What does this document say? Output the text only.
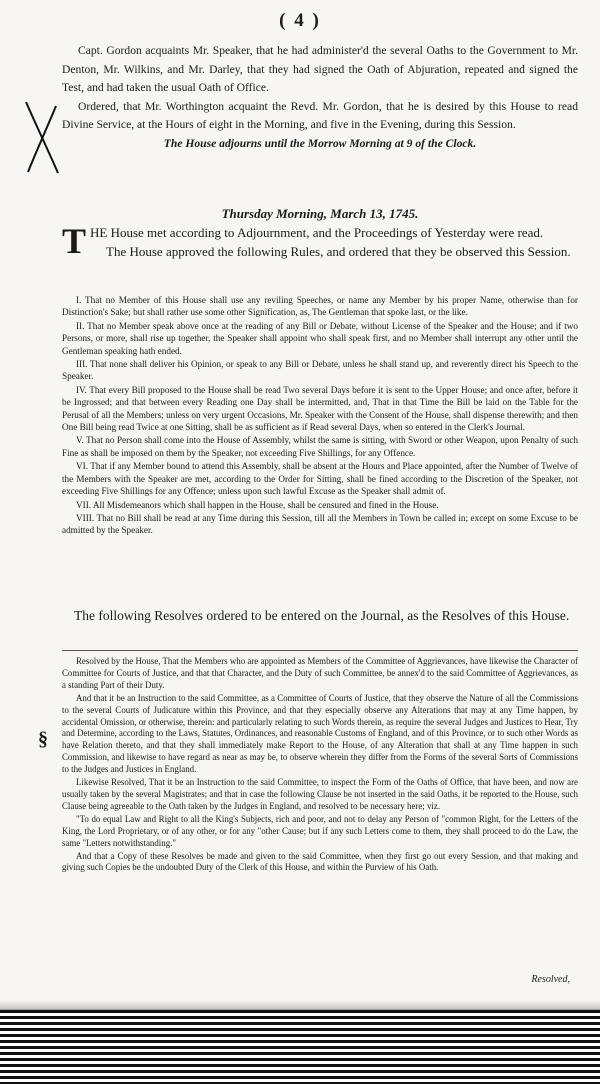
( 4 )

Capt. Gordon acquaints Mr. Speaker, that he had administer'd the several Oaths to the Government to Mr. Denton, Mr. Wilkins, and Mr. Darley, that they had signed the Oath of Abjuration, repeated and signed the Test, and had taken the usual Oath of Office.

Ordered, that Mr. Worthington acquaint the Revd. Mr. Gordon, that he is desired by this House to read Divine Service, at the Hours of eight in the Morning, and five in the Evening, during this Session.

The House adjourns until the Morrow Morning at 9 of the Clock.

Thursday Morning, March 13, 1745.

THE House met according to Adjournment, and the Proceedings of Yesterday were read.

The House approved the following Rules, and ordered that they be observed this Session.

I. That no Member of this House shall use any reviling Speeches, or name any Member by his proper Name, otherwise than for Distinction's Sake; but shall rather use some other Signification, as, The Gentleman that spoke last, or the like.

II. That no Member speak above once at the reading of any Bill or Debate, without License of the Speaker and the House; and if two Persons, or more, shall rise up together, the Speaker shall appoint who shall speak first, and no Member shall interrupt any other until the Gentleman speaking hath ended.

III. That none shall deliver his Opinion, or speak to any Bill or Debate, unless he shall stand up, and reverently direct his Speech to the Speaker.

IV. That every Bill proposed to the House shall be read Two several Days before it is sent to the Upper House; and once after, before it be Ingrossed; and that between every Reading one Day shall be intermitted, and, That in that Time the Bill be laid on the Table for the Perusal of all the Members; unless on very urgent Occasions, Mr. Speaker with the Consent of the House, shall dispense therewith; and then One Bill being read Twice at one Sitting, shall be as sufficient as if Read several Days, when so entered in the Clerk's Journal.

V. That no Person shall come into the House of Assembly, whilst the same is sitting, with Sword or other Weapon, upon Penalty of such Fine as shall be imposed on them by the Speaker, not exceeding Five Shillings, for any Offence.

VI. That if any Member bound to attend this Assembly, shall be absent at the Hours and Place appointed, after the Number of Twelve of the Members with the Speaker are met, according to the Order for Sitting, shall be fined according to the Discretion of the Speaker, not exceeding Five Shillings for any Offence; unless upon such lawful Excuse as the Speaker shall admit of.

VII. All Misdemeanors which shall happen in the House, shall be censured and fined in the House.

VIII. That no Bill shall be read at any Time during this Session, till all the Members in Town be called in; except on some Excuse to be admitted by the Speaker.

The following Resolves ordered to be entered on the Journal, as the Resolves of this House.

§

Resolved by the House, That the Members who are appointed as Members of the Committee of Aggrievances, have likewise the Character of Committee for Courts of Justice, and that that Character, and the Duty of such Committee, be annex'd to the said Committee of Aggrievances, as a standing Part of their Duty.

And that it be an Instruction to the said Committee, as a Committee of Courts of Justice, that they observe the Nature of all the Commissions to the several Courts of Judicature within this Province, and that they especially observe any Alterations that may at any Time happen, by accidental Omission, or otherwise, therein: and particularly relating to such Words therein, as require the several Judges and Justices to Hear, Try and Determine, according to the Laws, Statutes, Ordinances, and reasonable Customs of England, and of this Province, or to such other Words as have Relation thereto, and that they shall immediately make Report to the House, of any Alteration that shall at any Time happen in such Commission, and likewise to have regard as near as may be, to observe wherein they differ from the Forms of the several Sorts of Commissions to the Judges and Justices in England.

Likewise Resolved, That it be an Instruction to the said Committee, to inspect the Form of the Oaths of Office, that have been, and now are usually taken by the several Magistrates; and that in case the following Clause be not inserted in the said Oaths, it be reported to the House, such Clause being agreeable to the Oath taken by the Judges in England, and resolved to be necessary here; viz.

"To do equal Law and Right to all the King's Subjects, rich and poor, and not to delay any Person of "common Right, for the Letters of the King, the Lord Proprietary, or of any other, or for any "other Cause; but if any such Letters come to them, they shall proceed to do the Law, the same "Letters notwithstanding."

And that a Copy of these Resolves be made and given to the said Committee, when they first go out every Session, and that making and giving such Copies be the undoubted Duty of the Clerk of this House, and within the Purview of his Oath.

Resolved,
